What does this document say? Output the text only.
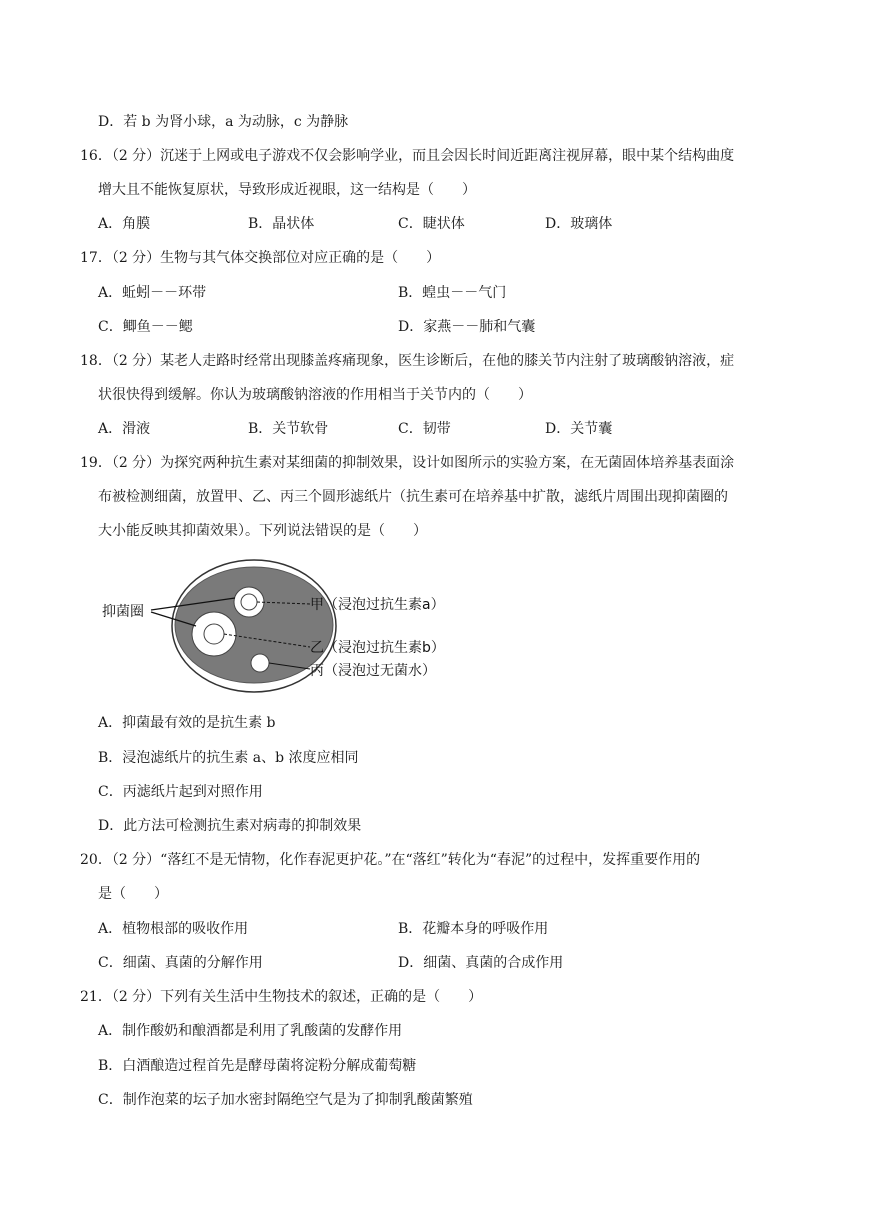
D．若 b 为肾小球，a 为动脉，c 为静脉
16．（2 分）沉迷于上网或电子游戏不仅会影响学业，而且会因长时间近距离注视屏幕，眼中某个结构曲度
增大且不能恢复原状，导致形成近视眼，这一结构是（　　）
A．角膜	B．晶状体	C．睫状体	D．玻璃体
17．（2 分）生物与其气体交换部位对应正确的是（　　）
A．蚯蚓－－环带	B．蝗虫－－气门
C．鲫鱼－－鳃	D．家燕－－肺和气囊
18．（2 分）某老人走路时经常出现膝盖疼痛现象，医生诊断后，在他的膝关节内注射了玻璃酸钠溶液，症
状很快得到缓解。你认为玻璃酸钠溶液的作用相当于关节内的（　　）
A．滑液	B．关节软骨	C．韧带	D．关节囊
19．（2 分）为探究两种抗生素对某细菌的抑制效果，设计如图所示的实验方案，在无菌固体培养基表面涂
布被检测细菌，放置甲、乙、丙三个圆形滤纸片（抗生素可在培养基中扩散，滤纸片周围出现抑菌圈的
大小能反映其抑菌效果）。下列说法错误的是（　　）
抑菌圈	甲（浸泡过抗生素a）
乙（浸泡过抗生素b）
丙（浸泡过无菌水）
A．抑菌最有效的是抗生素 b
B．浸泡滤纸片的抗生素 a、b 浓度应相同
C．丙滤纸片起到对照作用
D．此方法可检测抗生素对病毒的抑制效果
20．（2 分）“落红不是无情物，化作春泥更护花。”在“落红”转化为“春泥”的过程中，发挥重要作用的
是（　　）
A．植物根部的吸收作用	B．花瓣本身的呼吸作用
C．细菌、真菌的分解作用	D．细菌、真菌的合成作用
21．（2 分）下列有关生活中生物技术的叙述，正确的是（　　）
A．制作酸奶和酿酒都是利用了乳酸菌的发酵作用
B．白酒酿造过程首先是酵母菌将淀粉分解成葡萄糖
C．制作泡菜的坛子加水密封隔绝空气是为了抑制乳酸菌繁殖
